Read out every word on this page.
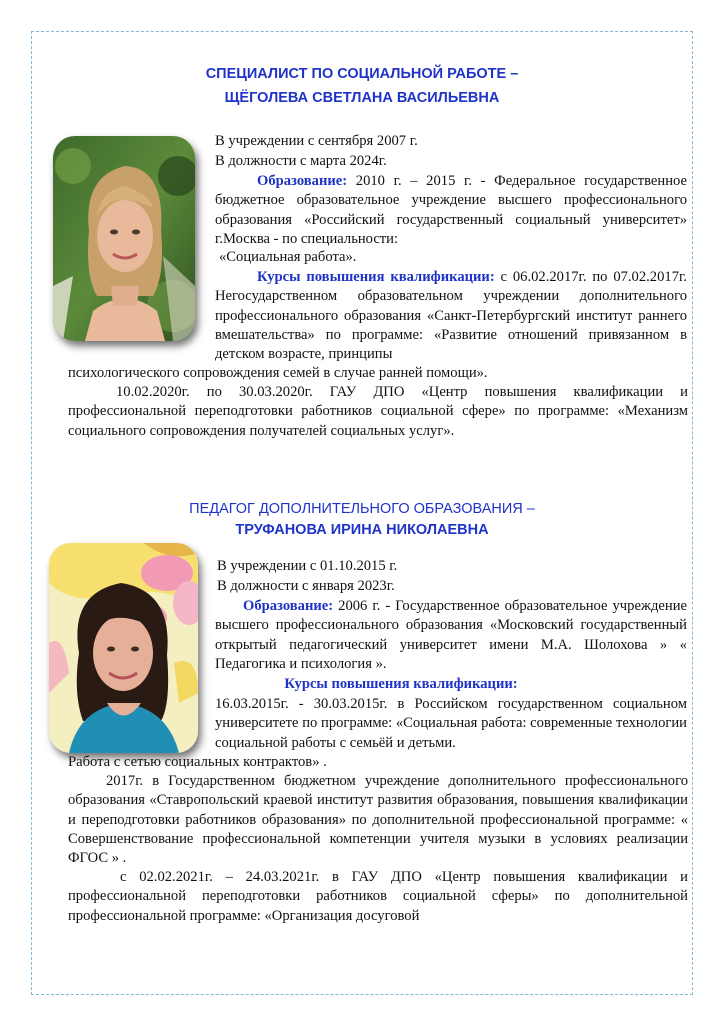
СПЕЦИАЛИСТ ПО СОЦИАЛЬНОЙ РАБОТЕ –
ЩЁГОЛЕВА СВЕТЛАНА ВАСИЛЬЕВНА
В учреждении с сентября 2007 г.
В должности с марта 2024г.

Образование: 2010 г. – 2015 г. - Федеральное государственное бюджетное образовательное учреждение высшего профессионального образования «Российский государственный социальный университет» г.Москва - по специальности:

«Социальная работа».

Курсы повышения квалификации: с 06.02.2017г. по 07.02.2017г. Негосударственном образовательном учреждении дополнительного профессионального образования «Санкт-Петербургский институт раннего вмешательства» по программе: «Развитие отношений привязанном в детском возрасте, принципы

психологического сопровождения семей в случае ранней помощи».

10.02.2020г. по 30.03.2020г. ГАУ ДПО «Центр повышения квалификации и профессиональной переподготовки работников социальной сфере» по программе: «Механизм социального сопровождения получателей социальных услуг».

ПЕДАГОГ ДОПОЛНИТЕЛЬНОГО ОБРАЗОВАНИЯ –
ТРУФАНОВА ИРИНА НИКОЛАЕВНА
В учреждении с 01.10.2015 г.
В должности с января 2023г.

Образование: 2006 г. - Государственное образовательное учреждение высшего профессионального образования «Московский государственный открытый педагогический университет имени М.А. Шолохова » « Педагогика и психология ».

Курсы повышения квалификации:

16.03.2015г. - 30.03.2015г. в Российском государственном социальном университете по программе: «Социальная работа: современные технологии социальной работы с семьёй и детьми.

Работа с сетью социальных контрактов» .

2017г. в Государственном бюджетном учреждение дополнительного профессионального образования «Ставропольский краевой институт развития образования, повышения квалификации и переподготовки работников образования» по дополнительной профессиональной программе: « Совершенствование профессиональной компетенции учителя музыки в условиях реализации ФГОС » .

с 02.02.2021г. – 24.03.2021г. в ГАУ ДПО «Центр повышения квалификации и профессиональной переподготовки работников социальной сферы» по дополнительной профессиональной программе: «Организация досуговой
